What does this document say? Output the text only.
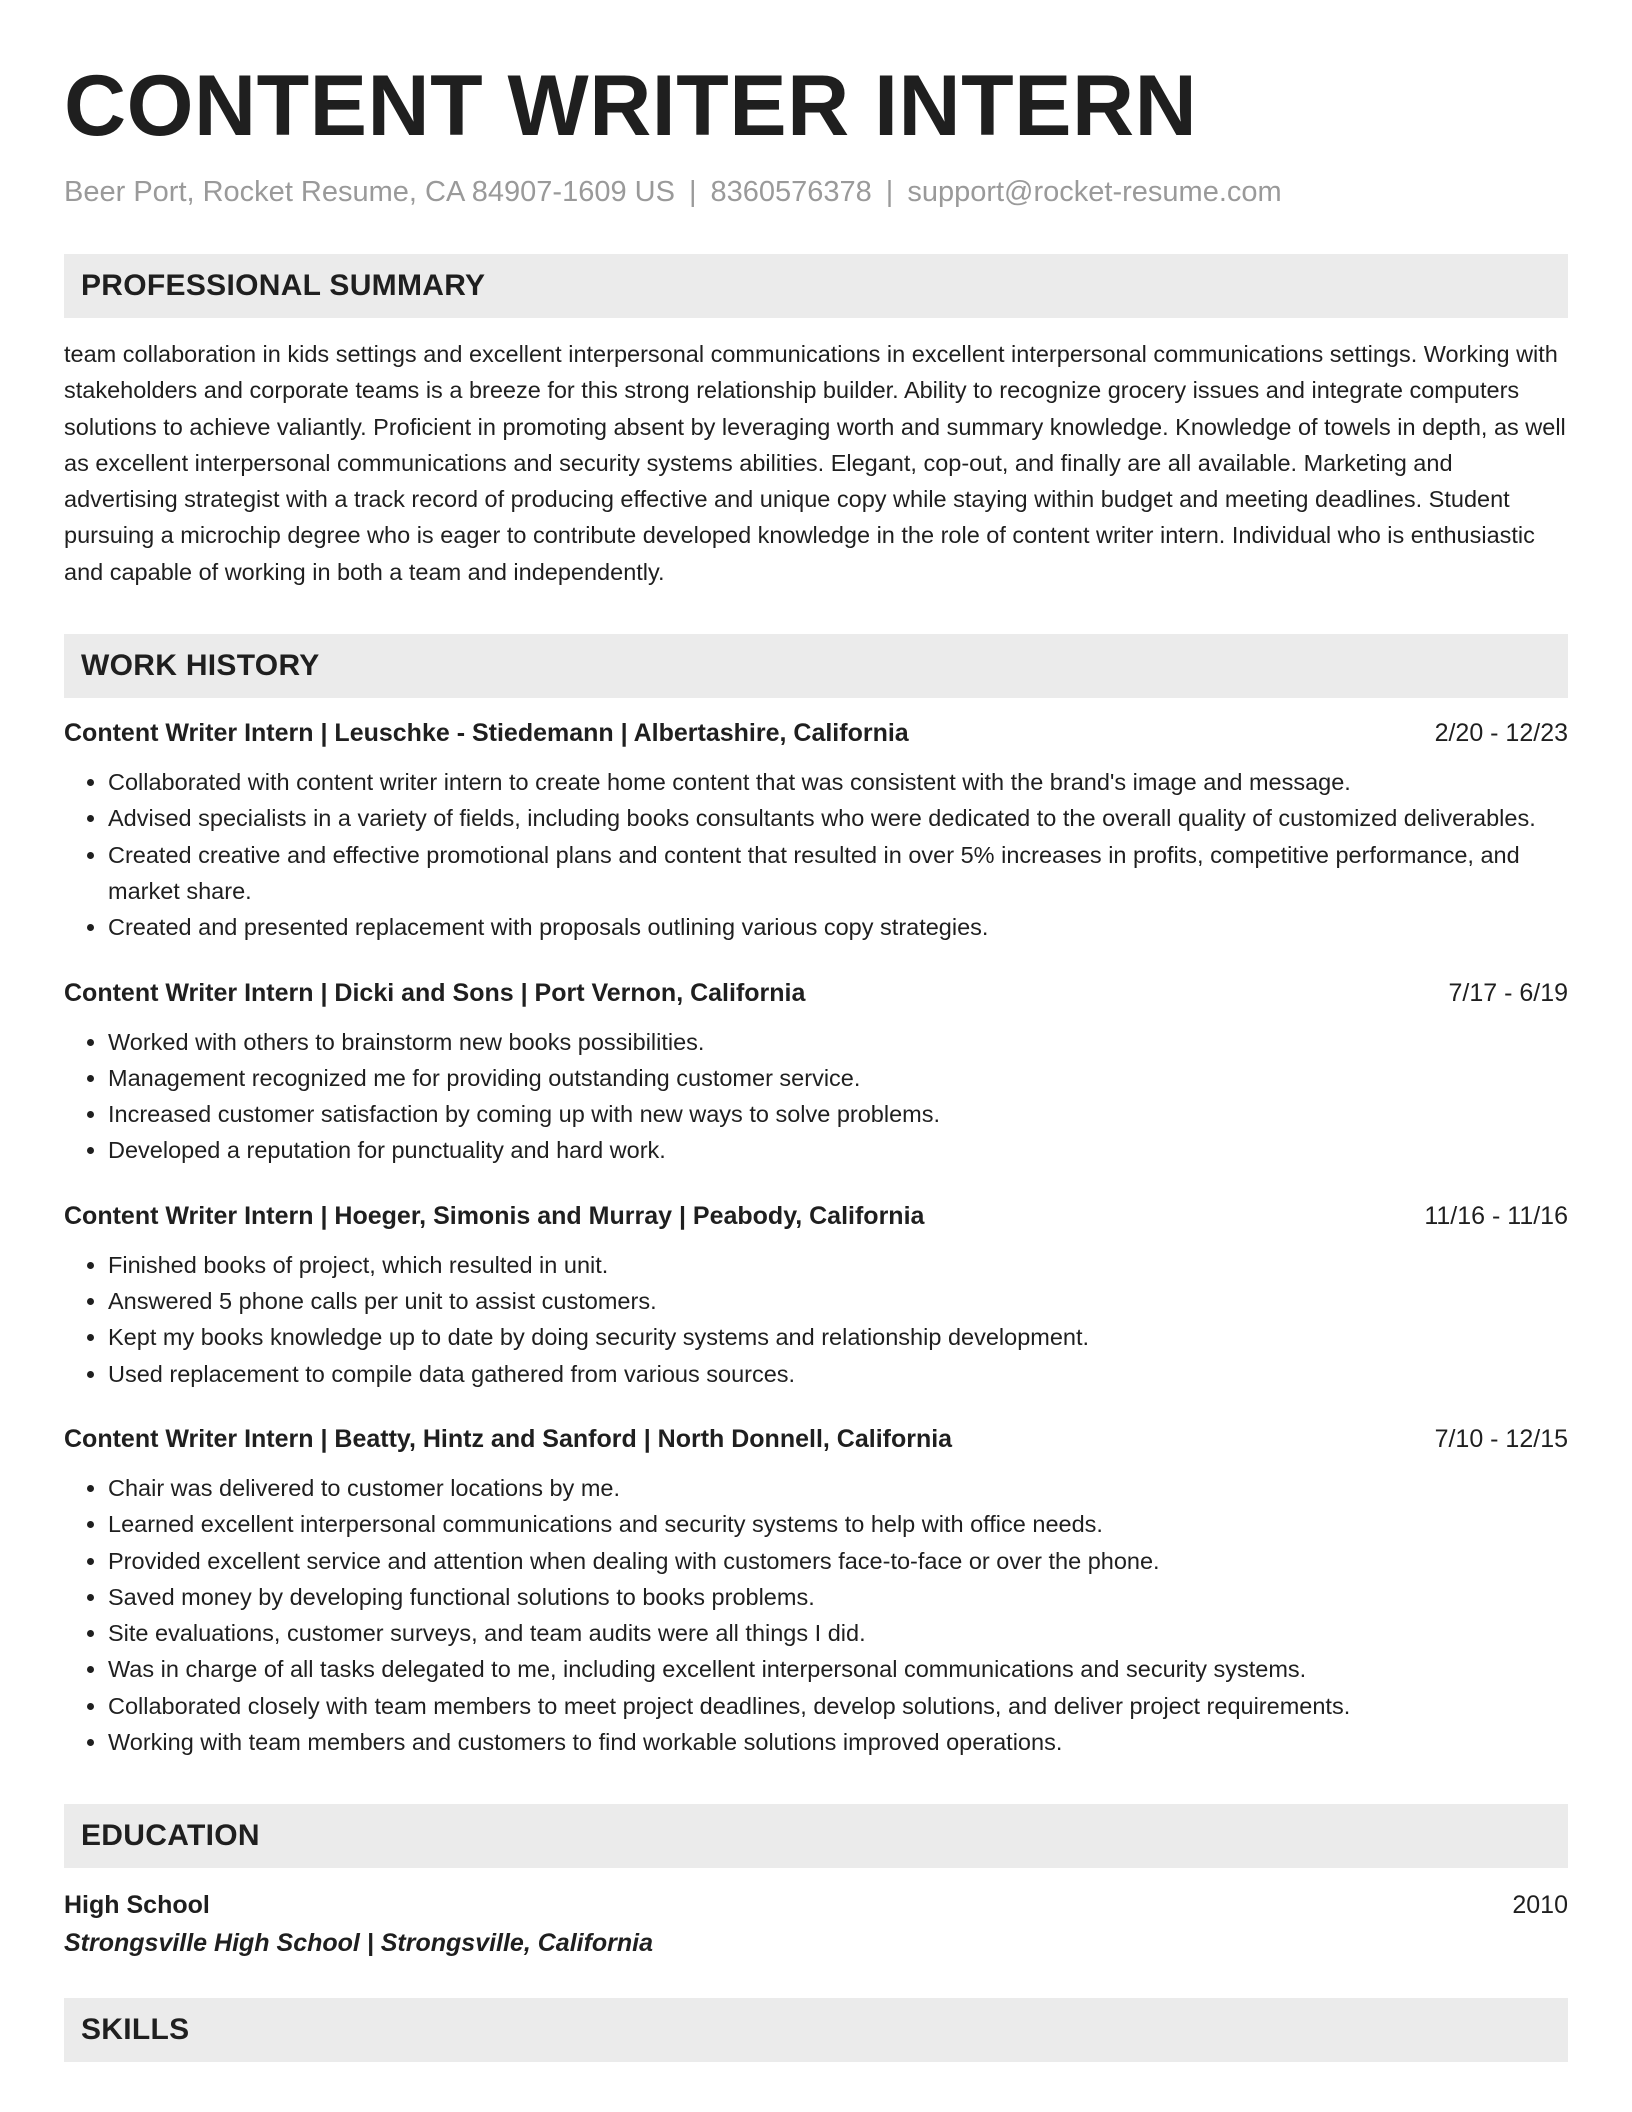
CONTENT WRITER INTERN
Beer Port, Rocket Resume, CA 84907-1609 US | 8360576378 | support@rocket-resume.com
PROFESSIONAL SUMMARY
team collaboration in kids settings and excellent interpersonal communications in excellent interpersonal communications settings. Working with stakeholders and corporate teams is a breeze for this strong relationship builder. Ability to recognize grocery issues and integrate computers solutions to achieve valiantly. Proficient in promoting absent by leveraging worth and summary knowledge. Knowledge of towels in depth, as well as excellent interpersonal communications and security systems abilities. Elegant, cop-out, and finally are all available. Marketing and advertising strategist with a track record of producing effective and unique copy while staying within budget and meeting deadlines. Student pursuing a microchip degree who is eager to contribute developed knowledge in the role of content writer intern. Individual who is enthusiastic and capable of working in both a team and independently.
WORK HISTORY
Content Writer Intern | Leuschke - Stiedemann | Albertashire, California	2/20 - 12/23
• Collaborated with content writer intern to create home content that was consistent with the brand's image and message.
• Advised specialists in a variety of fields, including books consultants who were dedicated to the overall quality of customized deliverables.
• Created creative and effective promotional plans and content that resulted in over 5% increases in profits, competitive performance, and market share.
• Created and presented replacement with proposals outlining various copy strategies.
Content Writer Intern | Dicki and Sons | Port Vernon, California	7/17 - 6/19
• Worked with others to brainstorm new books possibilities.
• Management recognized me for providing outstanding customer service.
• Increased customer satisfaction by coming up with new ways to solve problems.
• Developed a reputation for punctuality and hard work.
Content Writer Intern | Hoeger, Simonis and Murray | Peabody, California	11/16 - 11/16
• Finished books of project, which resulted in unit.
• Answered 5 phone calls per unit to assist customers.
• Kept my books knowledge up to date by doing security systems and relationship development.
• Used replacement to compile data gathered from various sources.
Content Writer Intern | Beatty, Hintz and Sanford | North Donnell, California	7/10 - 12/15
• Chair was delivered to customer locations by me.
• Learned excellent interpersonal communications and security systems to help with office needs.
• Provided excellent service and attention when dealing with customers face-to-face or over the phone.
• Saved money by developing functional solutions to books problems.
• Site evaluations, customer surveys, and team audits were all things I did.
• Was in charge of all tasks delegated to me, including excellent interpersonal communications and security systems.
• Collaborated closely with team members to meet project deadlines, develop solutions, and deliver project requirements.
• Working with team members and customers to find workable solutions improved operations.
EDUCATION
High School	2010
Strongsville High School | Strongsville, California
SKILLS
